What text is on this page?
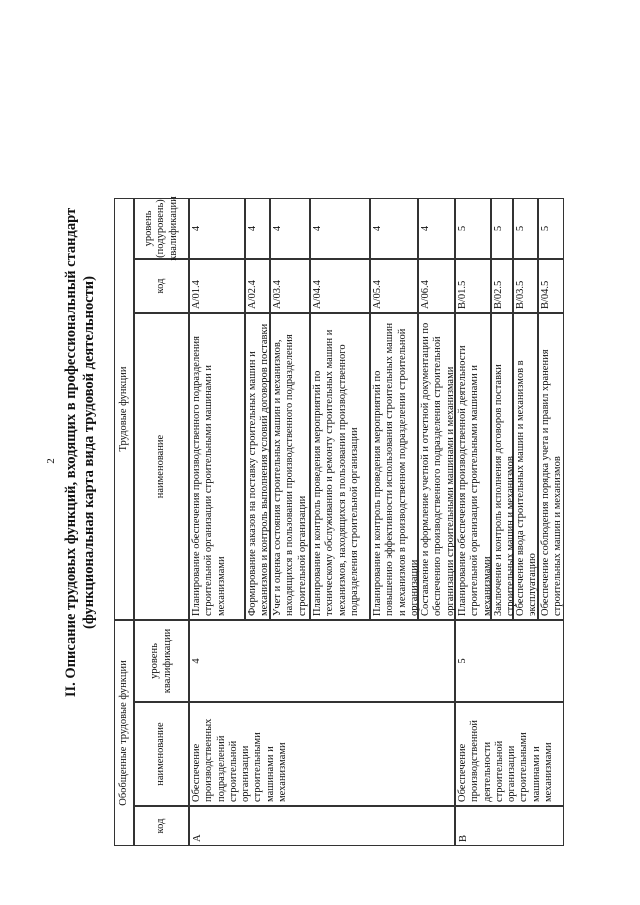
2 II. Описание трудовых функций, входящих в профессиональный стандарт (функциональная карта вида трудовой деятельности)
Обобщенные трудовые функции
Трудовые функции
код
наименование
уровень квалификации
наименование
код
уровень (подуровень) квалификации
A
Обеспечение производственных подразделений строительной организации строительными машинами и механизмами
4
Планирование обеспечения производственного подразделения строительной организации строительными машинами и механизмами
A/01.4
4
Формирование заказов на поставку строительных машин и механизмов и контроль выполнения условий договоров поставки
A/02.4
4
Учет и оценка состояния строительных машин и механизмов, находящихся в пользовании производственного подразделения строительной организации
A/03.4
4
Планирование и контроль проведения мероприятий по техническому обслуживанию и ремонту строительных машин и механизмов, находящихся в пользовании производственного подразделения строительной организации
A/04.4
4
Планирование и контроль проведения мероприятий по повышению эффективности использования строительных машин и механизмов в производственном подразделении строительной организации
A/05.4
4
Составление и оформление учетной и отчетной документации по обеспечению производственного подразделения строительной организации строительными машинами и механизмами
A/06.4
4
B
Обеспечение производственной деятельности строительной организации строительными машинами и механизмами
5
Планирование обеспечения производственной деятельности строительной организации строительными машинами и механизмами
B/01.5
5
Заключение и контроль исполнения договоров поставки строительных машин и механизмов
B/02.5
5
Обеспечение ввода строительных машин и механизмов в эксплуатацию
B/03.5
5
Обеспечение соблюдения порядка учета и правил хранения строительных машин и механизмов
B/04.5
5
